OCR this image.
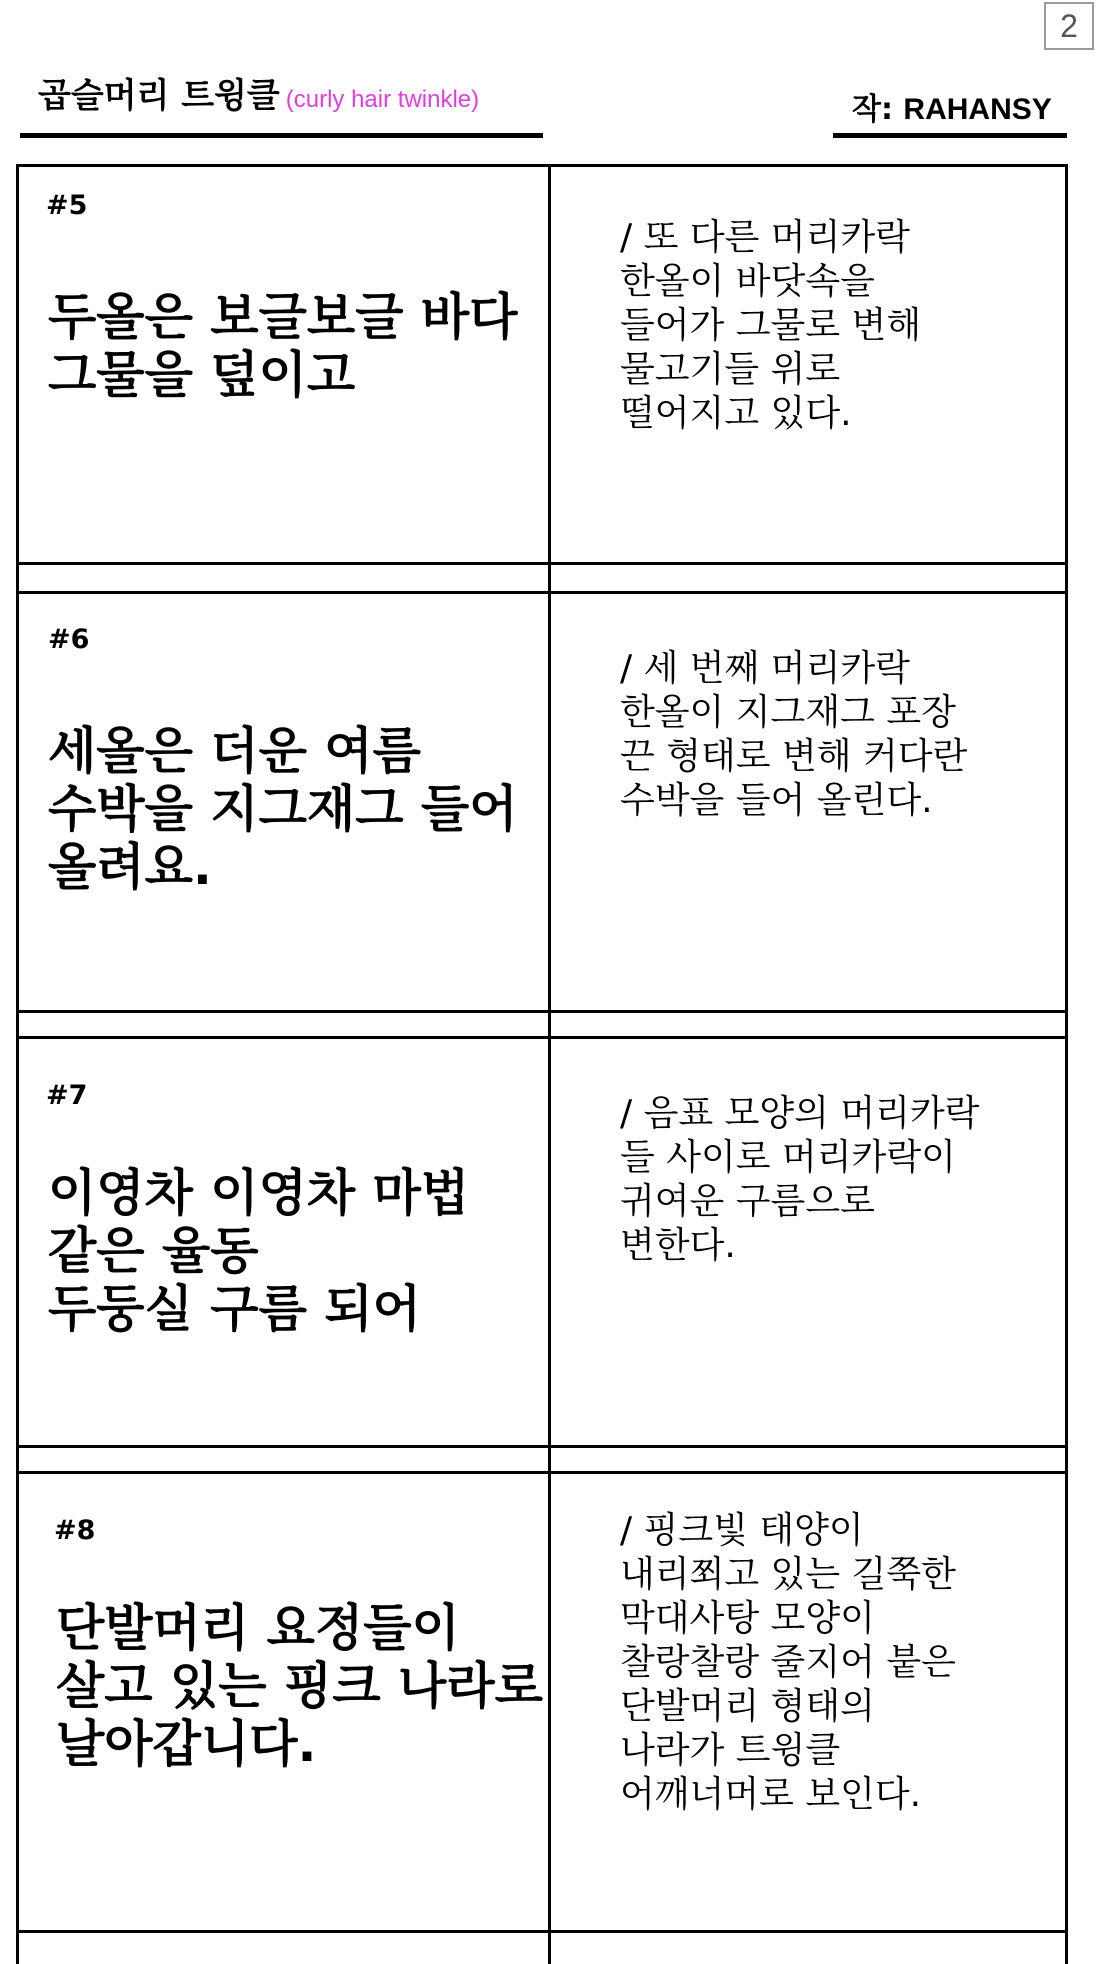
2
곱슬머리 트윙클 (curly hair twinkle)	작: RAHANSY
#5
두올은 보글보글 바다
그물을 덮이고
/ 또 다른 머리카락
한올이 바닷속을
들어가 그물로 변해
물고기들 위로
떨어지고 있다.
#6
세올은 더운 여름
수박을 지그재그 들어
올려요.
/ 세 번째 머리카락
한올이 지그재그 포장
끈 형태로 변해 커다란
수박을 들어 올린다.
#7
이영차 이영차 마법
같은 율동
두둥실 구름 되어
/ 음표 모양의 머리카락
들 사이로 머리카락이
귀여운 구름으로
변한다.
#8
단발머리 요정들이
살고 있는 핑크 나라로
날아갑니다.
/ 핑크빛 태양이
내리쬐고 있는 길쭉한
막대사탕 모양이
찰랑찰랑 줄지어 붙은
단발머리 형태의
나라가 트윙클
어깨너머로 보인다.
